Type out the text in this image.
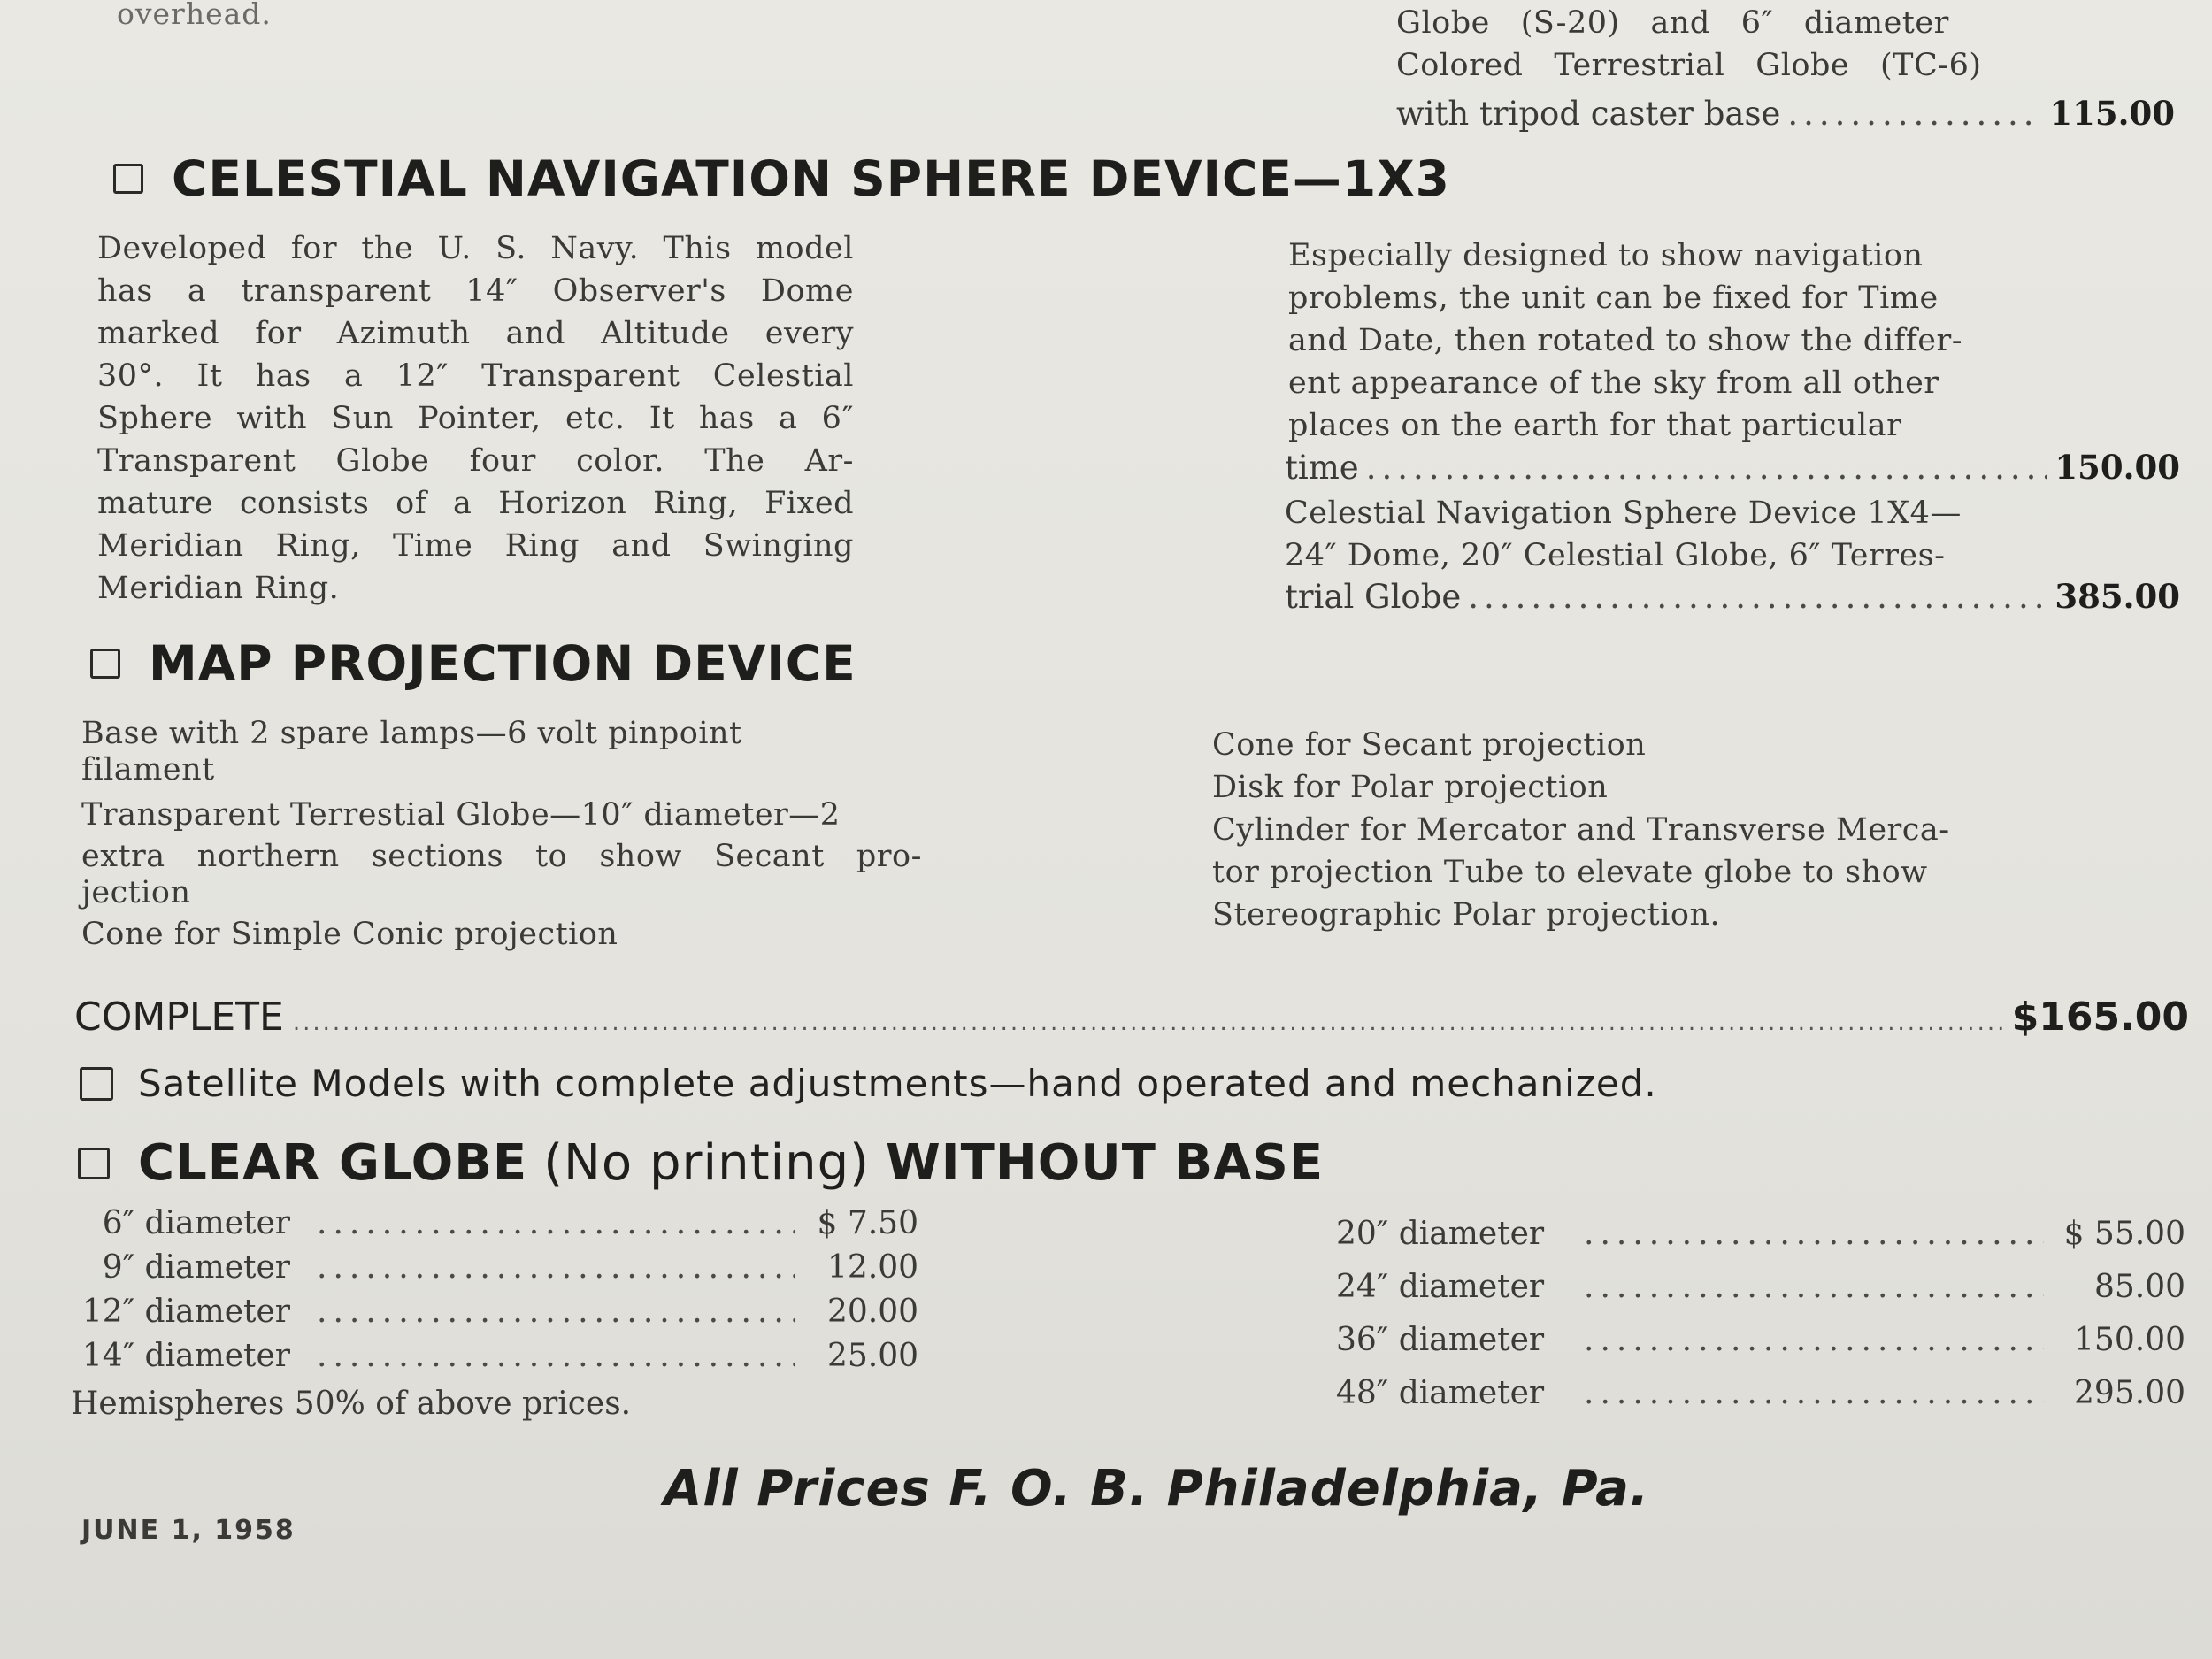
overhead.	Globe   (S-20)   and   6″   diameter
Colored   Terrestrial   Globe   (TC-6)
with tripod caster base .....	115.00
CELESTIAL NAVIGATION SPHERE DEVICE—1X3
Developed for the U. S. Navy. This model
has a transparent 14″ Observer's Dome
marked for Azimuth and Altitude every
30°. It has a 12″ Transparent Celestial
Sphere with Sun Pointer, etc. It has a 6″
Transparent Globe four color. The Ar-
mature consists of a Horizon Ring, Fixed
Meridian Ring, Time Ring and Swinging
Meridian Ring.
Especially designed to show navigation
problems, the unit can be fixed for Time
and Date, then rotated to show the differ-
ent appearance of the sky from all other
places on the earth for that particular
time .....	150.00
Celestial Navigation Sphere Device 1X4—
24″ Dome, 20″ Celestial Globe, 6″ Terres-
trial Globe .....	385.00
MAP PROJECTION DEVICE
Base with 2 spare lamps—6 volt pinpoint
filament
Transparent Terrestial Globe—10″ diameter—2
extra northern sections to show Secant pro-
jection
Cone for Simple Conic projection
Cone for Secant projection
Disk for Polar projection
Cylinder for Mercator and Transverse Merca-
tor projection Tube to elevate globe to show
Stereographic Polar projection.
COMPLETE .....	$165.00
Satellite Models with complete adjustments—hand operated and mechanized.
CLEAR GLOBE (No printing) WITHOUT BASE
6″ diameter .....	$ 7.50
9″ diameter .....	12.00
12″ diameter .....	20.00
14″ diameter .....	25.00
Hemispheres 50% of above prices.
20″ diameter .....	$ 55.00
24″ diameter .....	85.00
36″ diameter .....	150.00
48″ diameter .....	295.00
All Prices F. O. B. Philadelphia, Pa.
JUNE 1, 1958
